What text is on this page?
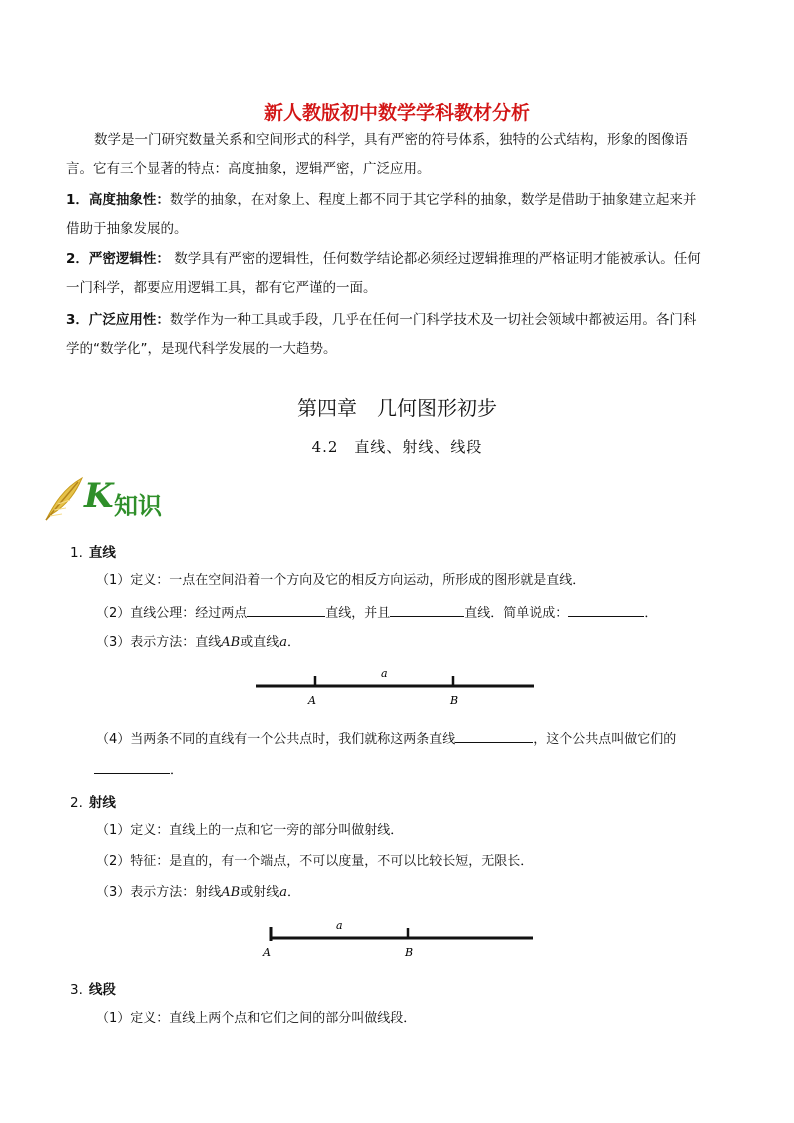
新人教版初中数学学科教材分析
数学是一门研究数量关系和空间形式的科学，具有严密的符号体系，独特的公式结构，形象的图像语
言。它有三个显著的特点：高度抽象，逻辑严密，广泛应用。
1．高度抽象性：数学的抽象，在对象上、程度上都不同于其它学科的抽象，数学是借助于抽象建立起来并
借助于抽象发展的。
2．严密逻辑性： 数学具有严密的逻辑性，任何数学结论都必须经过逻辑推理的严格证明才能被承认。任何
一门科学，都要应用逻辑工具，都有它严谨的一面。
3．广泛应用性：数学作为一种工具或手段，几乎在任何一门科学技术及一切社会领域中都被运用。各门科
学的“数学化”，是现代科学发展的一大趋势。
第四章　几何图形初步
4.2　直线、射线、线段
K 知识
1. 直线
（1）定义：一点在空间沿着一个方向及它的相反方向运动，所形成的图形就是直线．
（2）直线公理：经过两点	直线，并且	直线．简单说成：	．
（3）表示方法：直线AB或直线a．
a
A	B
（4）当两条不同的直线有一个公共点时，我们就称这两条直线	，这个公共点叫做它们的
．
2. 射线
（1）定义：直线上的一点和它一旁的部分叫做射线．
（2）特征：是直的，有一个端点，不可以度量，不可以比较长短，无限长．
（3）表示方法：射线AB或射线a．
a
A	B
3. 线段
（1）定义：直线上两个点和它们之间的部分叫做线段．
